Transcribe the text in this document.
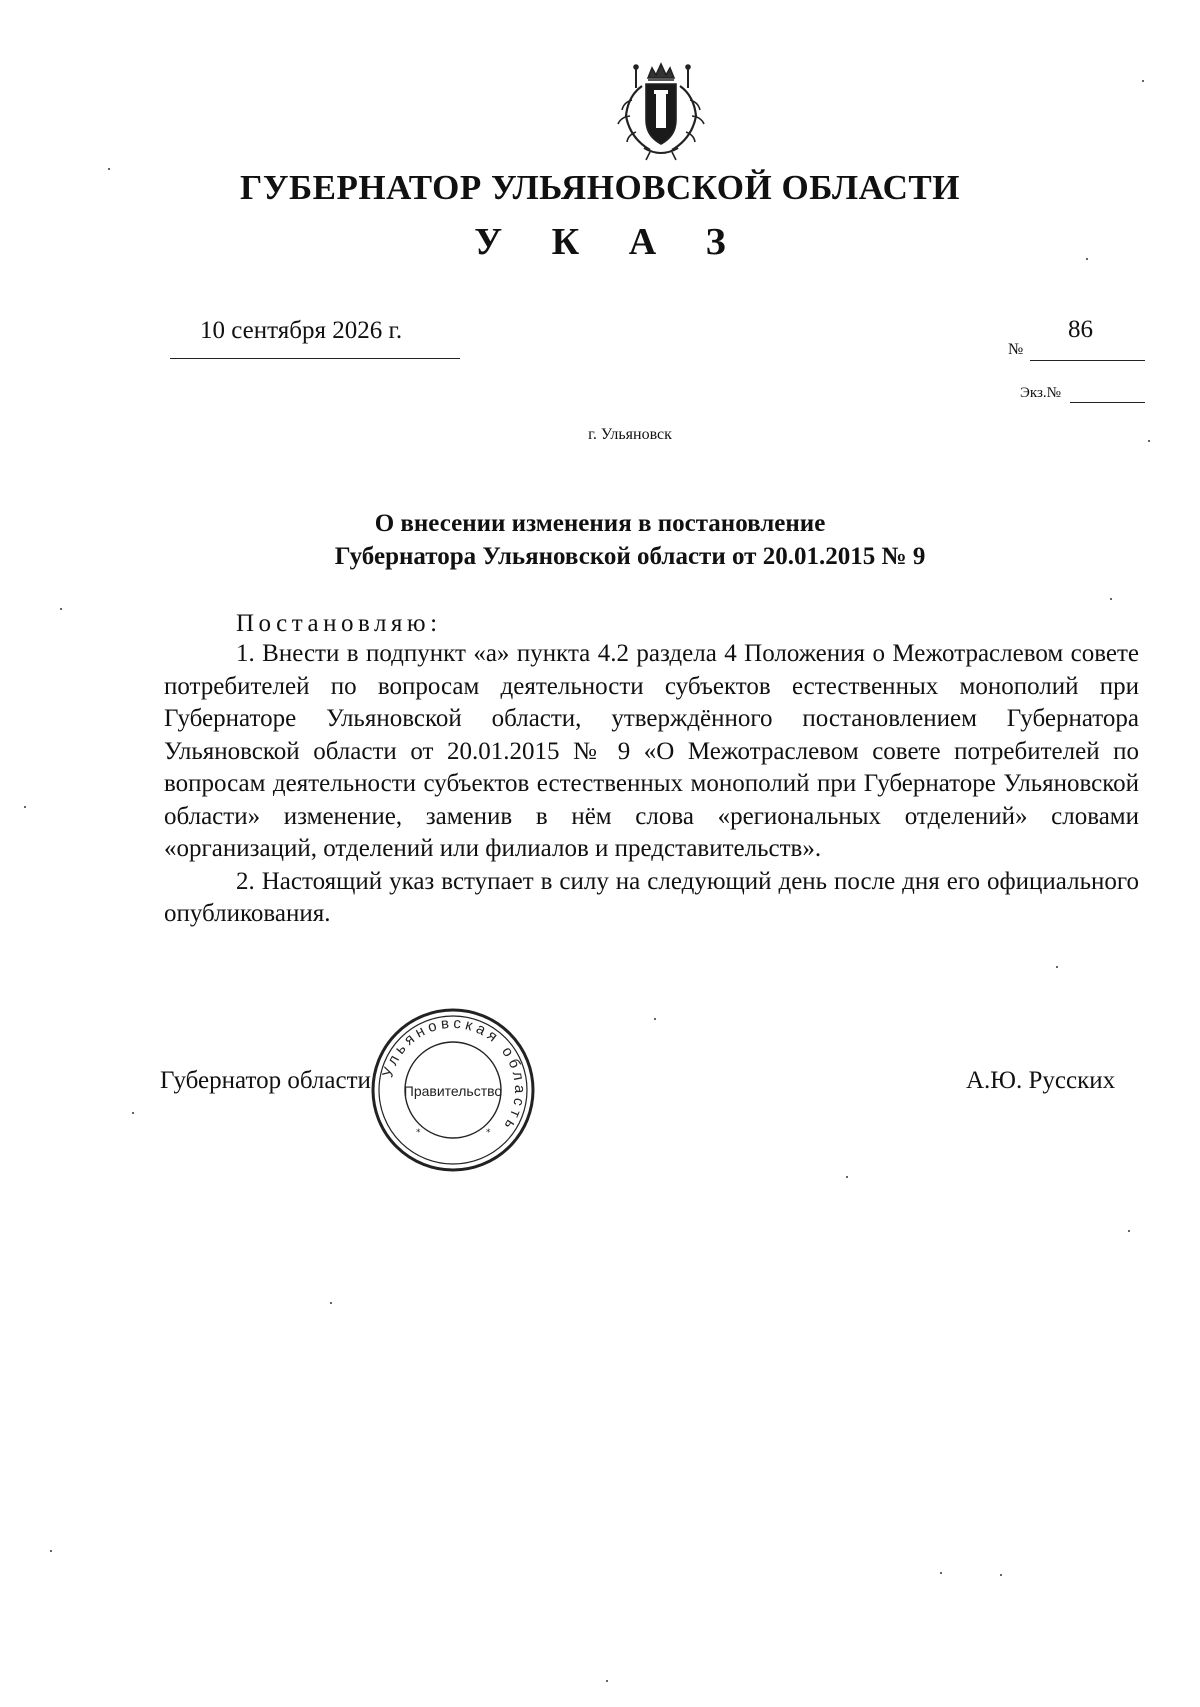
ГУБЕРНАТОР УЛЬЯНОВСКОЙ ОБЛАСТИ
У К А З
10 сентября 2026 г.
№
86
Экз.№
г. Ульяновск
О внесении изменения в постановление
Губернатора Ульяновской области от 20.01.2015 № 9
Постановляю:

1. Внести в подпункт «а» пункта 4.2 раздела 4 Положения о Межотраслевом совете потребителей по вопросам деятельности субъектов естественных монополий при Губернаторе Ульяновской области, утверждённого постановлением Губернатора Ульяновской области от 20.01.2015 № 9 «О Межотраслевом совете потребителей по вопросам деятельности субъектов естественных монополий при Губернаторе Ульяновской области» изменение, заменив в нём слова «региональных отделений» словами «организаций, отделений или филиалов и представительств».

2. Настоящий указ вступает в силу на следующий день после дня его официального опубликования.

Губернатор области	А.Ю. Русских
Ульяновская область
Правительство
*	*
